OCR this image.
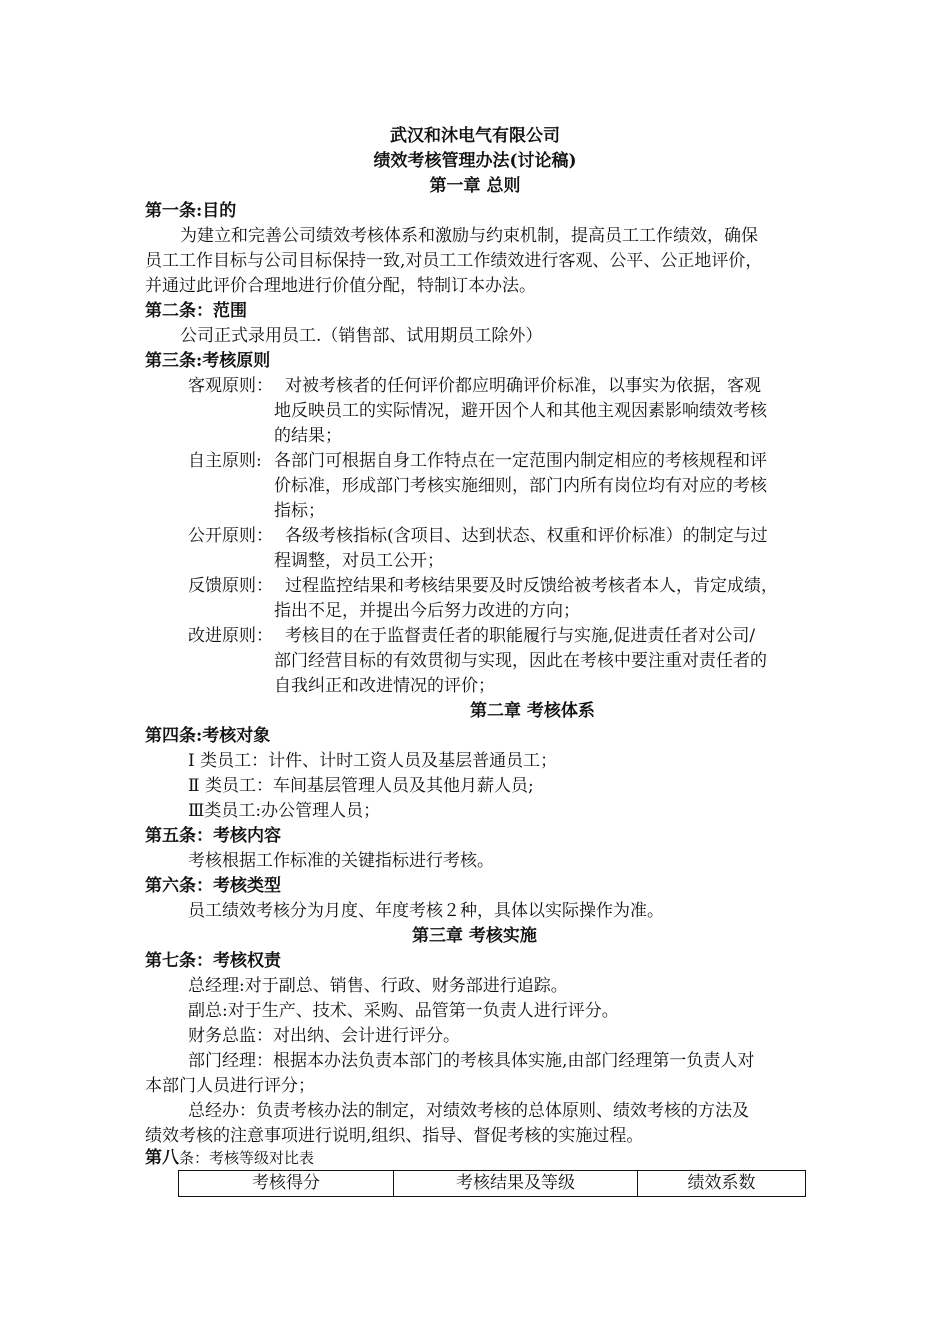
武汉和沐电气有限公司
绩效考核管理办法(讨论稿)
第一章 总则
第一条:目的
为建立和完善公司绩效考核体系和激励与约束机制，提高员工工作绩效，确保
员工工作目标与公司目标保持一致,对员工工作绩效进行客观、公平、公正地评价，
并通过此评价合理地进行价值分配，特制订本办法。
第二条：范围
公司正式录用员工.（销售部、试用期员工除外）
第三条:考核原则
客观原则： 对被考核者的任何评价都应明确评价标准，以事实为依据，客观
地反映员工的实际情况，避开因个人和其他主观因素影响绩效考核
的结果；
自主原则: 各部门可根据自身工作特点在一定范围内制定相应的考核规程和评
价标准，形成部门考核实施细则，部门内所有岗位均有对应的考核
指标；
公开原则： 各级考核指标(含项目、达到状态、权重和评价标准）的制定与过
程调整，对员工公开；
反馈原则： 过程监控结果和考核结果要及时反馈给被考核者本人，肯定成绩，
指出不足，并提出今后努力改进的方向；
改进原则： 考核目的在于监督责任者的职能履行与实施,促进责任者对公司/
部门经营目标的有效贯彻与实现，因此在考核中要注重对责任者的
自我纠正和改进情况的评价；
第二章 考核体系
第四条:考核对象
Ⅰ 类员工：计件、计时工资人员及基层普通员工；
Ⅱ 类员工：车间基层管理人员及其他月薪人员;
Ⅲ类员工:办公管理人员；
第五条：考核内容
考核根据工作标准的关键指标进行考核。
第六条：考核类型
员工绩效考核分为月度、年度考核２种，具体以实际操作为准。
第三章 考核实施
第七条：考核权责
总经理:对于副总、销售、行政、财务部进行追踪。
副总:对于生产、技术、采购、品管第一负责人进行评分。
财务总监：对出纳、会计进行评分。
部门经理：根据本办法负责本部门的考核具体实施,由部门经理第一负责人对
本部门人员进行评分；
总经办：负责考核办法的制定，对绩效考核的总体原则、绩效考核的方法及
绩效考核的注意事项进行说明,组织、指导、督促考核的实施过程。
第八条：考核等级对比表
考核得分	考核结果及等级	绩效系数
